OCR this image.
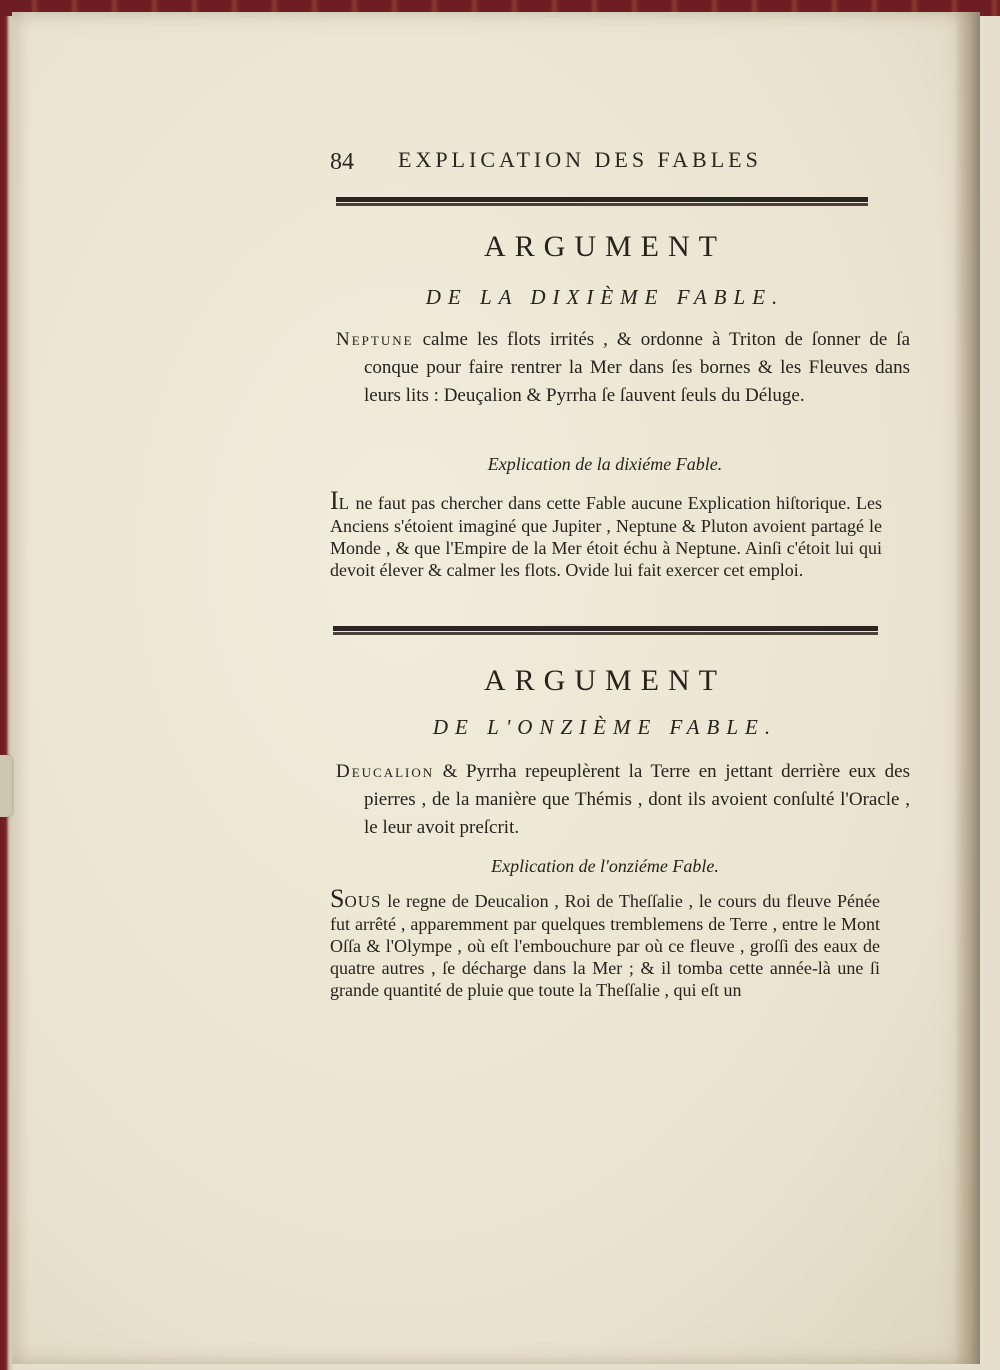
84 EXPLICATION DES FABLES
ARGUMENT

DE LA DIXIÈME FABLE.

Neptune calme les flots irrités , & ordonne à Triton de ſonner de ſa conque pour faire rentrer la Mer dans ſes bornes & les Fleuves dans leurs lits : Deuçalion & Pyrrha ſe ſauvent ſeuls du Déluge.

Explication de la dixiéme Fable.

IL ne faut pas chercher dans cette Fable aucune Explication hiſtorique. Les Anciens s'étoient imaginé que Jupiter , Neptune & Pluton avoient partagé le Monde , & que l'Empire de la Mer étoit échu à Neptune. Ainſi c'étoit lui qui devoit élever & calmer les flots. Ovide lui fait exercer cet emploi.

ARGUMENT

DE L'ONZIÈME FABLE.

Deucalion & Pyrrha repeuplèrent la Terre en jettant derrière eux des pierres , de la manière que Thémis , dont ils avoient conſulté l'Oracle , le leur avoit preſcrit.

Explication de l'onziéme Fable.

SOUS le regne de Deucalion , Roi de Theſſalie , le cours du fleuve Pénée fut arrêté , apparemment par quelques tremblemens de Terre , entre le Mont Oſſa & l'Olympe , où eſt l'embouchure par où ce fleuve , groſſi des eaux de quatre autres , ſe décharge dans la Mer ; & il tomba cette année-là une ſi grande quantité de pluie que toute la Theſſalie , qui eſt un
